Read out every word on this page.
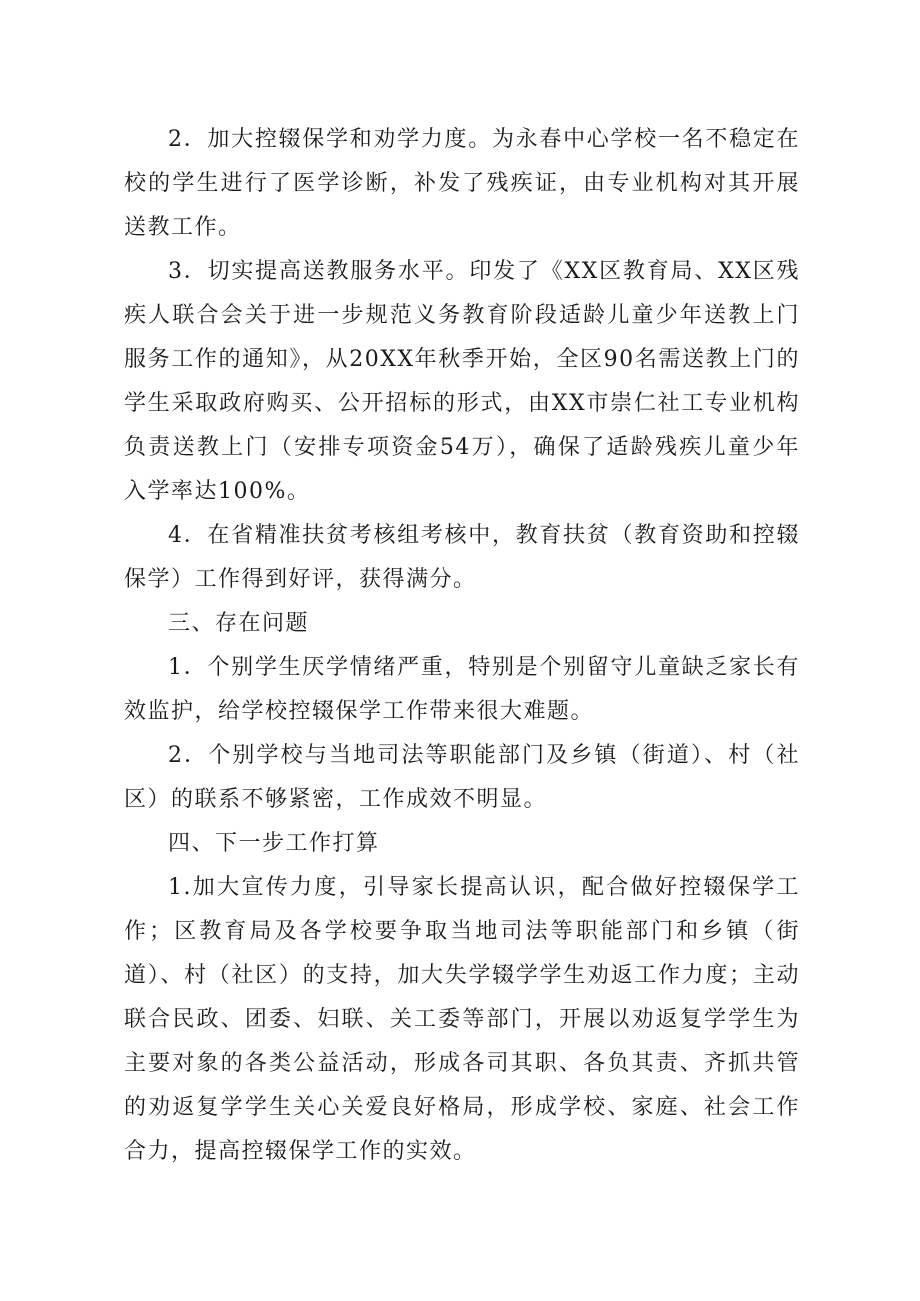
2．加大控辍保学和劝学力度。为永春中心学校一名不稳定在校的学生进行了医学诊断，补发了残疾证，由专业机构对其开展送教工作。

3．切实提高送教服务水平。印发了《XX区教育局、XX区残疾人联合会关于进一步规范义务教育阶段适龄儿童少年送教上门服务工作的通知》，从20XX年秋季开始，全区90名需送教上门的学生采取政府购买、公开招标的形式，由XX市崇仁社工专业机构负责送教上门（安排专项资金54万），确保了适龄残疾儿童少年入学率达100%。

4．在省精准扶贫考核组考核中，教育扶贫（教育资助和控辍保学）工作得到好评，获得满分。

三、存在问题

1．个别学生厌学情绪严重，特别是个别留守儿童缺乏家长有效监护，给学校控辍保学工作带来很大难题。

2．个别学校与当地司法等职能部门及乡镇（街道）、村（社区）的联系不够紧密，工作成效不明显。

四、下一步工作打算

1.加大宣传力度，引导家长提高认识，配合做好控辍保学工作；区教育局及各学校要争取当地司法等职能部门和乡镇（街道）、村（社区）的支持，加大失学辍学学生劝返工作力度；主动联合民政、团委、妇联、关工委等部门，开展以劝返复学学生为主要对象的各类公益活动，形成各司其职、各负其责、齐抓共管的劝返复学学生关心关爱良好格局，形成学校、家庭、社会工作合力，提高控辍保学工作的实效。
